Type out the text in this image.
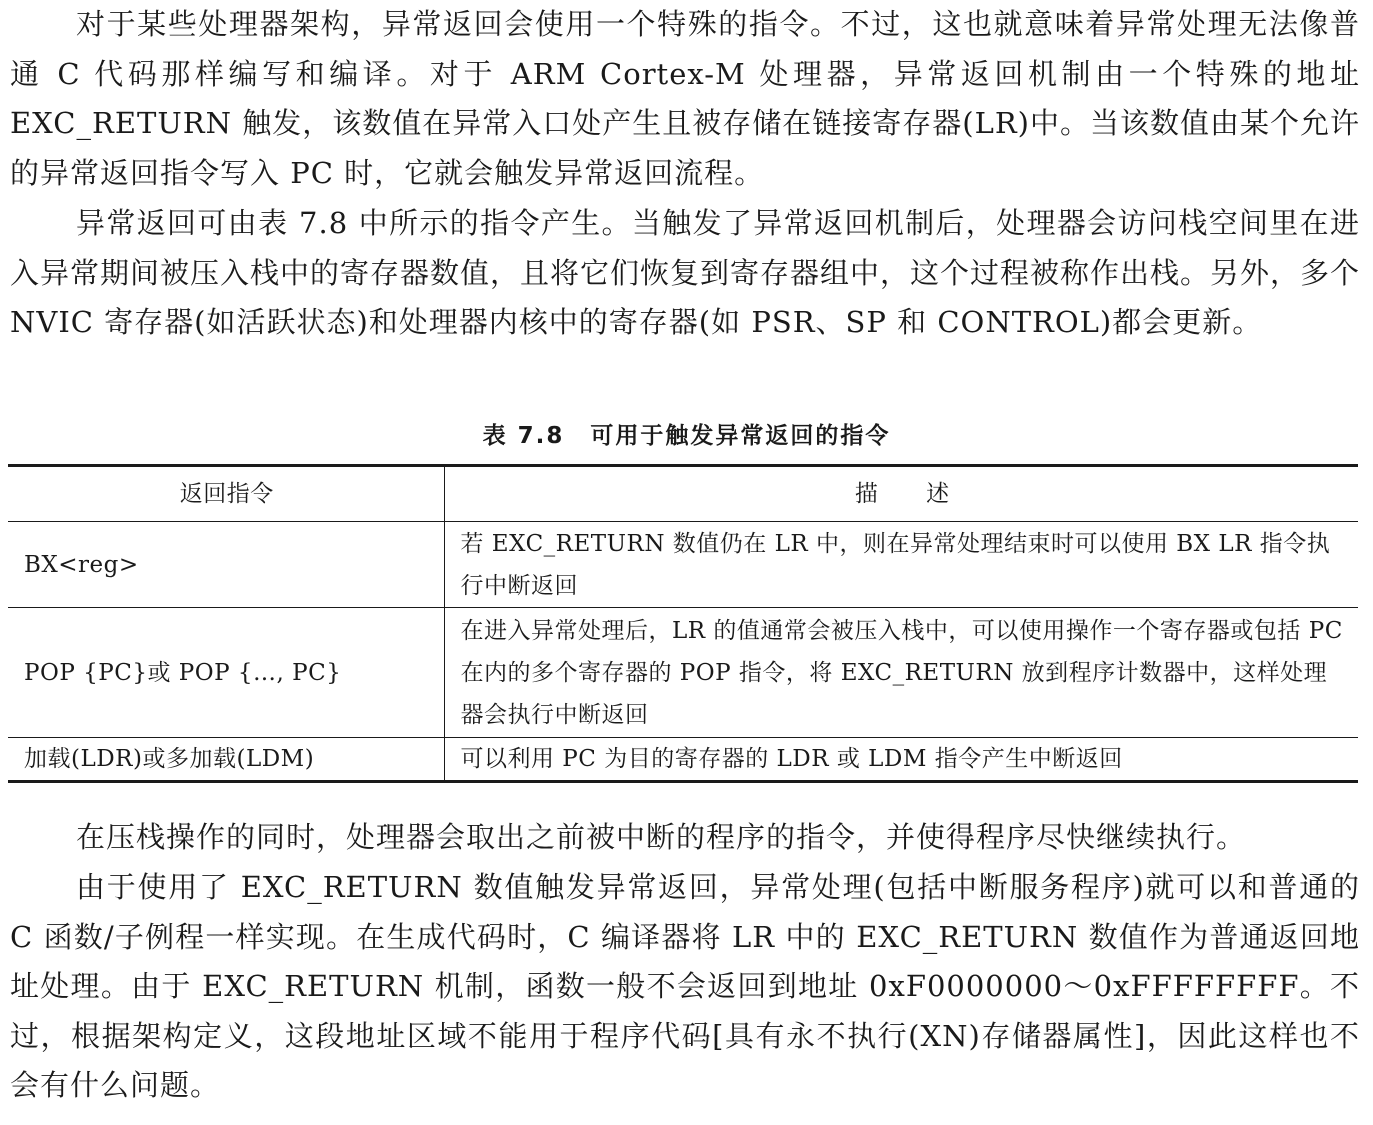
对于某些处理器架构，异常返回会使用一个特殊的指令。不过，这也就意味着异常处理无法像普通 C 代码那样编写和编译。对于 ARM Cortex-M 处理器，异常返回机制由一个特殊的地址 EXC_RETURN 触发，该数值在异常入口处产生且被存储在链接寄存器(LR)中。当该数值由某个允许的异常返回指令写入 PC 时，它就会触发异常返回流程。

异常返回可由表 7.8 中所示的指令产生。当触发了异常返回机制后，处理器会访问栈空间里在进入异常期间被压入栈中的寄存器数值，且将它们恢复到寄存器组中，这个过程被称作出栈。另外，多个 NVIC 寄存器(如活跃状态)和处理器内核中的寄存器(如 PSR、SP 和 CONTROL)都会更新。

表 7.8 可用于触发异常返回的指令
返回指令	描 述
BX<reg>	若 EXC_RETURN 数值仍在 LR 中，则在异常处理结束时可以使用 BX LR 指令执行中断返回
POP {PC}或 POP {…, PC}	在进入异常处理后，LR 的值通常会被压入栈中，可以使用操作一个寄存器或包括 PC 在内的多个寄存器的 POP 指令，将 EXC_RETURN 放到程序计数器中，这样处理器会执行中断返回
加载(LDR)或多加载(LDM)	可以利用 PC 为目的寄存器的 LDR 或 LDM 指令产生中断返回

在压栈操作的同时，处理器会取出之前被中断的程序的指令，并使得程序尽快继续执行。

由于使用了 EXC_RETURN 数值触发异常返回，异常处理(包括中断服务程序)就可以和普通的 C 函数/子例程一样实现。在生成代码时，C 编译器将 LR 中的 EXC_RETURN 数值作为普通返回地址处理。由于 EXC_RETURN 机制，函数一般不会返回到地址 0xF0000000～0xFFFFFFFF。不过，根据架构定义，这段地址区域不能用于程序代码[具有永不执行(XN)存储器属性]，因此这样也不会有什么问题。
